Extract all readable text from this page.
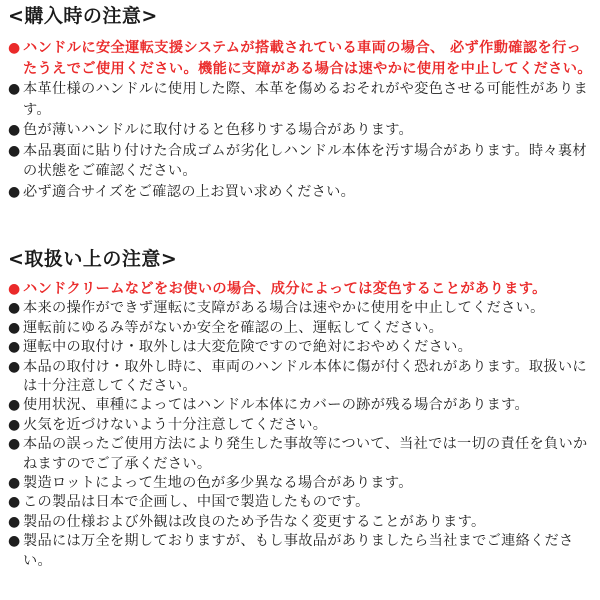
<購入時の注意>
● ハンドルに安全運転支援システムが搭載されている車両の場合、 必ず作動確認を行ったうえでご使用ください。機能に支障がある場合は速やかに使用を中止してください。
● 本革仕様のハンドルに使用した際、本革を傷めるおそれがや変色させる可能性があります。
● 色が薄いハンドルに取付けると色移りする場合があります。
● 本品裏面に貼り付けた合成ゴムが劣化しハンドル本体を汚す場合があります。時々裏材の状態をご確認ください。
● 必ず適合サイズをご確認の上お買い求めください。
<取扱い上の注意>
● ハンドクリームなどをお使いの場合、成分によっては変色することがあります。
● 本来の操作ができず運転に支障がある場合は速やかに使用を中止してください。
● 運転前にゆるみ等がないか安全を確認の上、運転してください。
● 運転中の取付け・取外しは大変危険ですので絶対におやめください。
● 本品の取付け・取外し時に、車両のハンドル本体に傷が付く恐れがあります。取扱いには十分注意してください。
● 使用状況、車種によってはハンドル本体にカバーの跡が残る場合があります。
● 火気を近づけないよう十分注意してください。
● 本品の誤ったご使用方法により発生した事故等について、当社では一切の責任を負いかねますのでご了承ください。
● 製造ロットによって生地の色が多少異なる場合があります。
● この製品は日本で企画し、中国で製造したものです。
● 製品の仕様および外観は改良のため予告なく変更することがあります。
● 製品には万全を期しておりますが、もし事故品がありましたら当社までご連絡ください。
